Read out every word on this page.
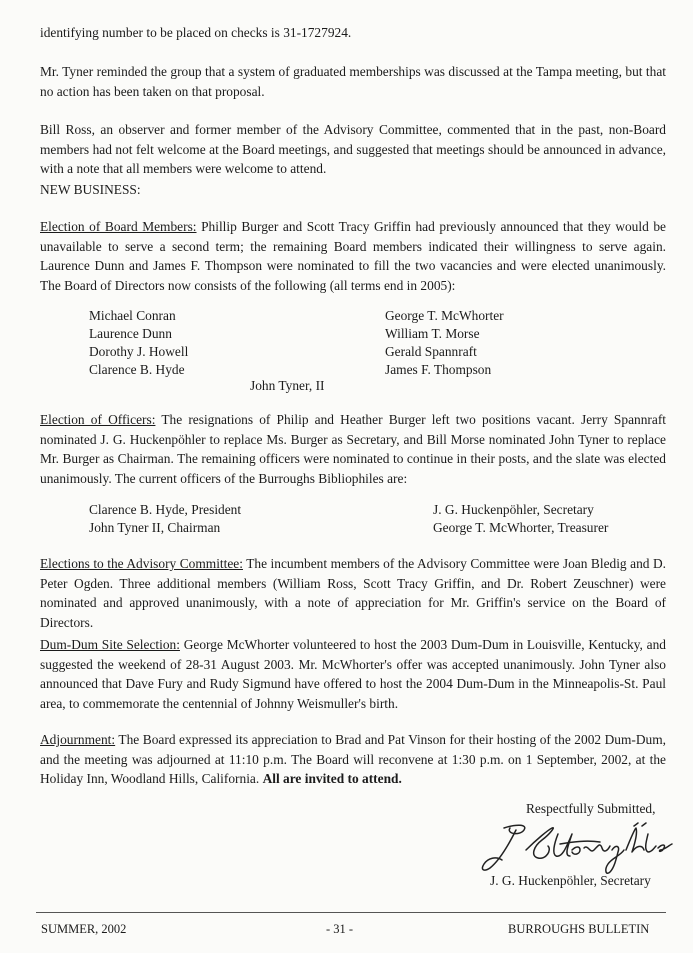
identifying number to be placed on checks is 31-1727924.

Mr. Tyner reminded the group that a system of graduated memberships was discussed at the Tampa meeting, but that no action has been taken on that proposal.

Bill Ross, an observer and former member of the Advisory Committee, commented that in the past, non-Board members had not felt welcome at the Board meetings, and suggested that meetings should be announced in advance, with a note that all members were welcome to attend.

NEW BUSINESS:

Election of Board Members: Phillip Burger and Scott Tracy Griffin had previously announced that they would be unavailable to serve a second term; the remaining Board members indicated their willingness to serve again. Laurence Dunn and James F. Thompson were nominated to fill the two vacancies and were elected unanimously. The Board of Directors now consists of the following (all terms end in 2005):

Michael Conran
Laurence Dunn
Dorothy J. Howell
Clarence B. Hyde
George T. McWhorter
William T. Morse
Gerald Spannraft
James F. Thompson
John Tyner, II

Election of Officers: The resignations of Philip and Heather Burger left two positions vacant. Jerry Spannraft nominated J. G. Huckenpöhler to replace Ms. Burger as Secretary, and Bill Morse nominated John Tyner to replace Mr. Burger as Chairman. The remaining officers were nominated to continue in their posts, and the slate was elected unanimously. The current officers of the Burroughs Bibliophiles are:

Clarence B. Hyde, President
John Tyner II, Chairman
J. G. Huckenpöhler, Secretary
George T. McWhorter, Treasurer

Elections to the Advisory Committee: The incumbent members of the Advisory Committee were Joan Bledig and D. Peter Ogden. Three additional members (William Ross, Scott Tracy Griffin, and Dr. Robert Zeuschner) were nominated and approved unanimously, with a note of appreciation for Mr. Griffin's service on the Board of Directors.

Dum-Dum Site Selection: George McWhorter volunteered to host the 2003 Dum-Dum in Louisville, Kentucky, and suggested the weekend of 28-31 August 2003. Mr. McWhorter's offer was accepted unanimously. John Tyner also announced that Dave Fury and Rudy Sigmund have offered to host the 2004 Dum-Dum in the Minneapolis-St. Paul area, to commemorate the centennial of Johnny Weismuller's birth.

Adjournment: The Board expressed its appreciation to Brad and Pat Vinson for their hosting of the 2002 Dum-Dum, and the meeting was adjourned at 11:10 p.m. The Board will reconvene at 1:30 p.m. on 1 September, 2002, at the Holiday Inn, Woodland Hills, California. All are invited to attend.

Respectfully Submitted,
J. G. Huckenpöhler
J. G. Huckenpöhler, Secretary
SUMMER, 2002	- 31 -	BURROUGHS BULLETIN
